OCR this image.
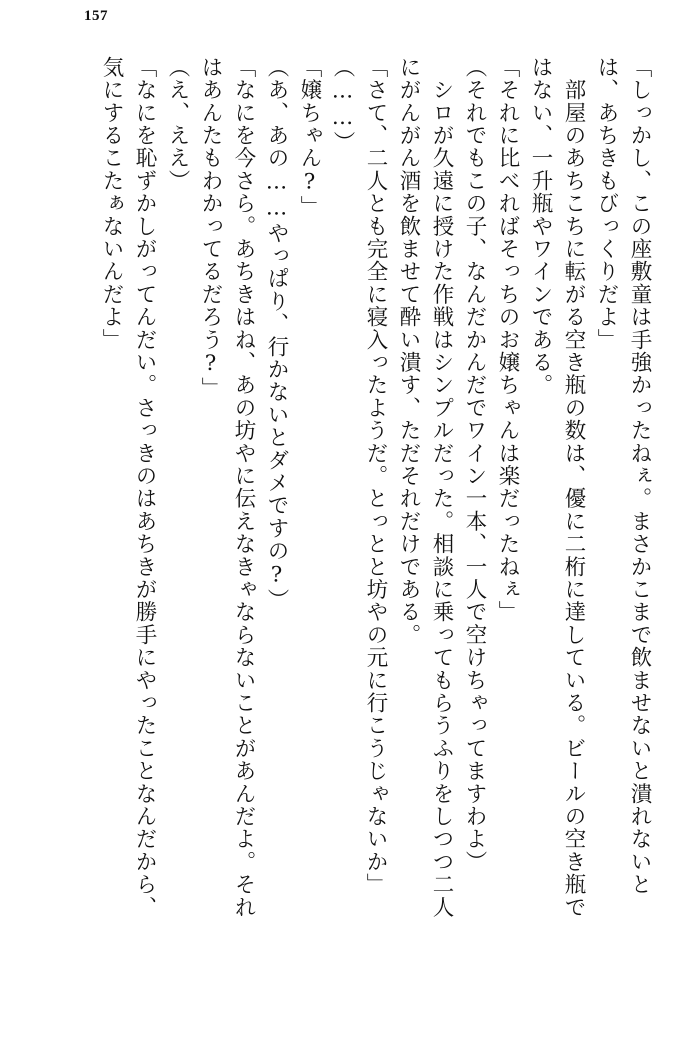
157
「しっかし、この座敷童は手強かったねぇ。まさかこまで飲ませないと潰れないと
は、あちきもびっくりだよ」
　部屋のあちこちに転がる空き瓶の数は、優に二桁に達している。ビールの空き瓶で
はない、一升瓶やワインである。
「それに比べればそっちのお嬢ちゃんは楽だったねぇ」
（それでもこの子、なんだかんだでワイン一本、一人で空けちゃってますわよ）
　シロが久遠に授けた作戦はシンプルだった。相談に乗ってもらうふりをしつつ二人
にがんがん酒を飲ませて酔い潰す、ただそれだけである。
「さて、二人とも完全に寝入ったようだ。とっとと坊やの元に行こうじゃないか」
（……）
「嬢ちゃん?」
（あ、あの……やっぱり、行かないとダメですの?）
「なにを今さら。あちきはね、あの坊やに伝えなきゃならないことがあんだよ。それ
はあんたもわかってるだろう?」
（え、ええ）
「なにを恥ずかしがってんだい。さっきのはあちきが勝手にやったことなんだから、
気にするこたぁないんだよ」
